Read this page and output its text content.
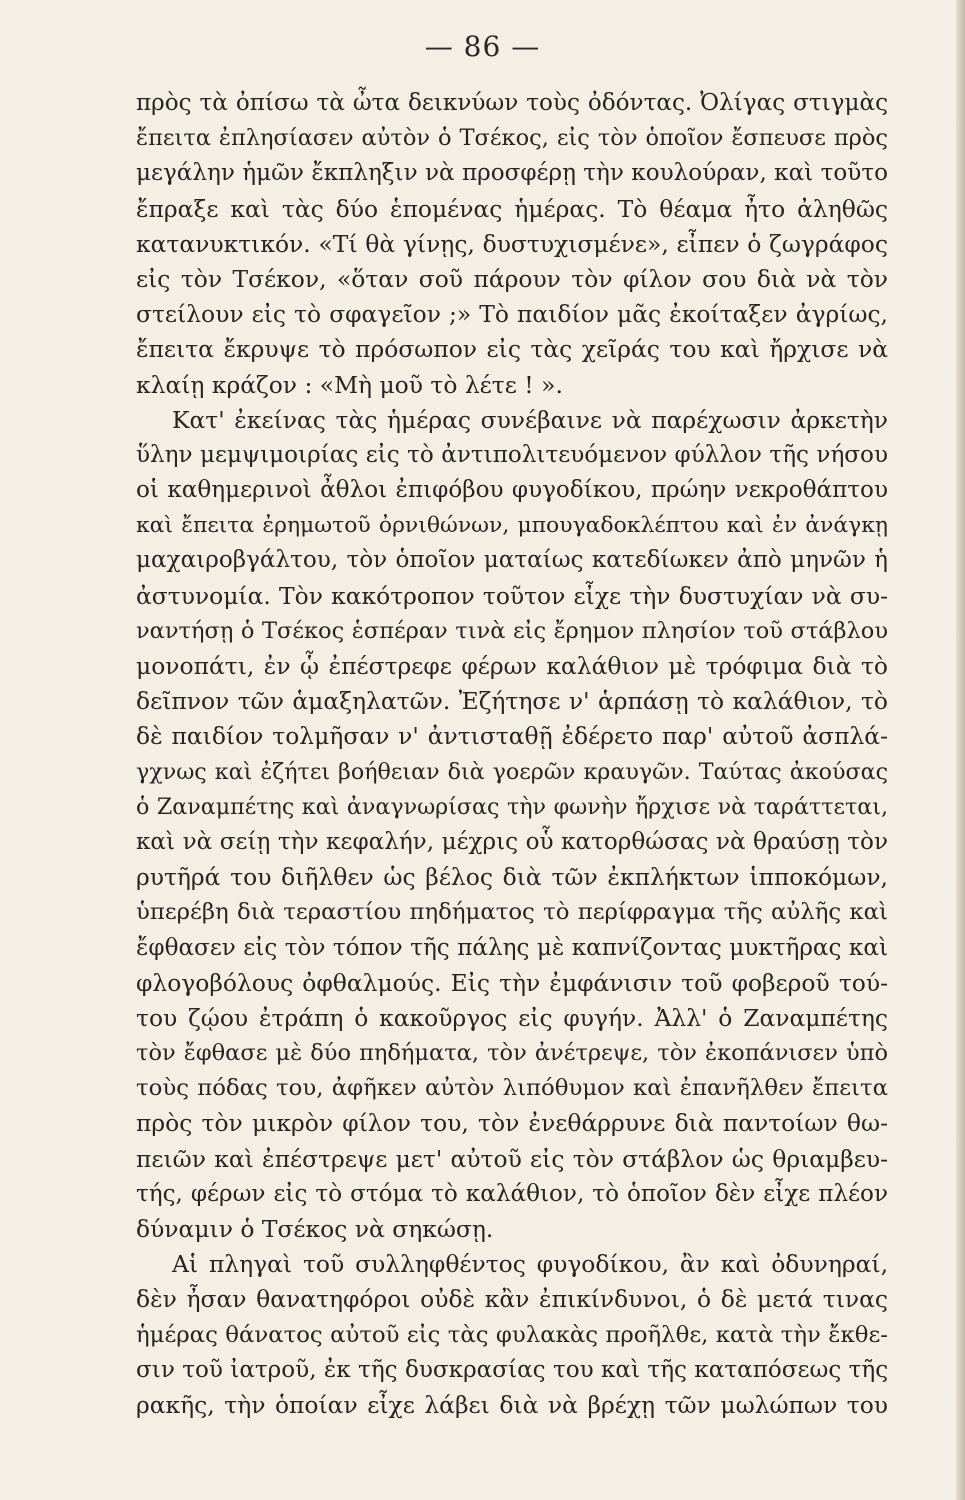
— 86 —
πρὸς τὰ ὀπίσω τὰ ὦτα δεικνύων τοὺς ὀδόντας. Ὀλίγας στιγμὰς
ἔπειτα ἐπλησίασεν αὐτὸν ὁ Τσέκος, εἰς τὸν ὁποῖον ἔσπευσε πρὸς
μεγάλην ἡμῶν ἔκπληξιν νὰ προσφέρῃ τὴν κουλούραν, καὶ τοῦτο
ἔπραξε καὶ τὰς δύο ἑπομένας ἡμέρας. Τὸ θέαμα ἦτο ἀληθῶς
κατανυκτικόν. «Τί θὰ γίνῃς, δυστυχισμένε», εἶπεν ὁ ζωγράφος
εἰς τὸν Τσέκον, «ὅταν σοῦ πάρουν τὸν φίλον σου διὰ νὰ τὸν
στείλουν εἰς τὸ σφαγεῖον ;» Τὸ παιδίον μᾶς ἐκοίταξεν ἀγρίως,
ἔπειτα ἔκρυψε τὸ πρόσωπον εἰς τὰς χεῖράς του καὶ ἤρχισε νὰ
κλαίῃ κράζον : «Μὴ μοῦ τὸ λέτε ! ».
Κατ' ἐκείνας τὰς ἡμέρας συνέβαινε νὰ παρέχωσιν ἀρκετὴν
ὕλην μεμψιμοιρίας εἰς τὸ ἀντιπολιτευόμενον φύλλον τῆς νήσου
οἱ καθημερινοὶ ἆθλοι ἐπιφόβου φυγοδίκου, πρώην νεκροθάπτου
καὶ ἔπειτα ἐρημωτοῦ ὀρνιθώνων, μπουγαδοκλέπτου καὶ ἐν ἀνάγκῃ
μαχαιροβγάλτου, τὸν ὁποῖον ματαίως κατεδίωκεν ἀπὸ μηνῶν ἡ
ἀστυνομία. Τὸν κακότροπον τοῦτον εἶχε τὴν δυστυχίαν νὰ συ-
ναντήσῃ ὁ Τσέκος ἑσπέραν τινὰ εἰς ἔρημον πλησίον τοῦ στάβλου
μονοπάτι, ἐν ᾧ ἐπέστρεφε φέρων καλάθιον μὲ τρόφιμα διὰ τὸ
δεῖπνον τῶν ἁμαξηλατῶν. Ἐζήτησε ν' ἁρπάσῃ τὸ καλάθιον, τὸ
δὲ παιδίον τολμῆσαν ν' ἀντισταθῇ ἐδέρετο παρ' αὐτοῦ ἀσπλά-
γχνως καὶ ἐζήτει βοήθειαν διὰ γοερῶν κραυγῶν. Ταύτας ἀκούσας
ὁ Ζαναμπέτης καὶ ἀναγνωρίσας τὴν φωνὴν ἤρχισε νὰ ταράττεται,
καὶ νὰ σείῃ τὴν κεφαλήν, μέχρις οὗ κατορθώσας νὰ θραύσῃ τὸν
ρυτῆρά του διῆλθεν ὡς βέλος διὰ τῶν ἐκπλήκτων ἱπποκόμων,
ὑπερέβη διὰ τεραστίου πηδήματος τὸ περίφραγμα τῆς αὐλῆς καὶ
ἔφθασεν εἰς τὸν τόπον τῆς πάλης μὲ καπνίζοντας μυκτῆρας καὶ
φλογοβόλους ὀφθαλμούς. Εἰς τὴν ἐμφάνισιν τοῦ φοβεροῦ τού-
του ζῴου ἐτράπη ὁ κακοῦργος εἰς φυγήν. Ἀλλ' ὁ Ζαναμπέτης
τὸν ἔφθασε μὲ δύο πηδήματα, τὸν ἀνέτρεψε, τὸν ἐκοπάνισεν ὑπὸ
τοὺς πόδας του, ἀφῆκεν αὐτὸν λιπόθυμον καὶ ἐπανῆλθεν ἔπειτα
πρὸς τὸν μικρὸν φίλον του, τὸν ἐνεθάρρυνε διὰ παντοίων θω-
πειῶν καὶ ἐπέστρεψε μετ' αὐτοῦ εἰς τὸν στάβλον ὡς θριαμβευ-
τής, φέρων εἰς τὸ στόμα τὸ καλάθιον, τὸ ὁποῖον δὲν εἶχε πλέον
δύναμιν ὁ Τσέκος νὰ σηκώσῃ.
Αἱ πληγαὶ τοῦ συλληφθέντος φυγοδίκου, ἂν καὶ ὀδυνηραί,
δὲν ἦσαν θανατηφόροι οὐδὲ κἂν ἐπικίνδυνοι, ὁ δὲ μετά τινας
ἡμέρας θάνατος αὐτοῦ εἰς τὰς φυλακὰς προῆλθε, κατὰ τὴν ἔκθε-
σιν τοῦ ἰατροῦ, ἐκ τῆς δυσκρασίας του καὶ τῆς καταπόσεως τῆς
ρακῆς, τὴν ὁποίαν εἶχε λάβει διὰ νὰ βρέχῃ τῶν μωλώπων του
